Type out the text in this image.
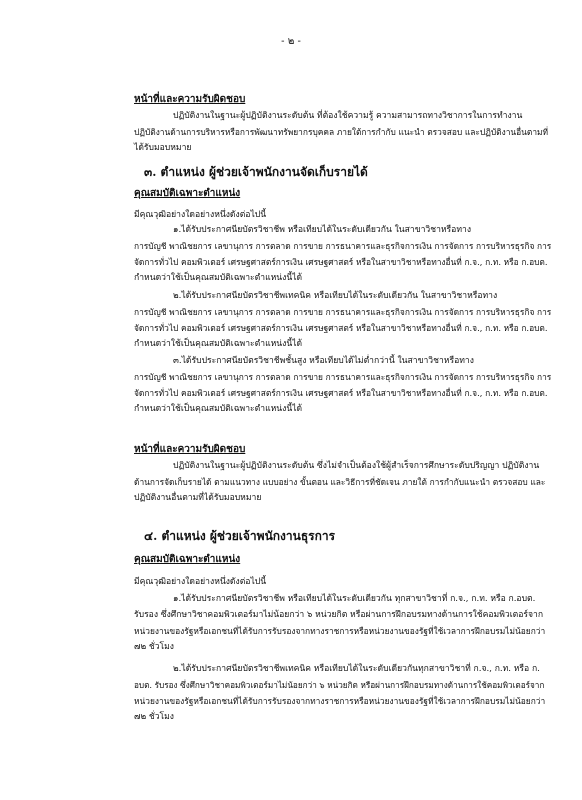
- ๒ -
หน้าที่และความรับผิดชอบ
ปฏิบัติงานในฐานะผู้ปฏิบัติงานระดับต้น ที่ต้องใช้ความรู้ ความสามารถทางวิชาการในการทำงาน
ปฏิบัติงานด้านการบริหารหรือการพัฒนาทรัพยากรบุคคล ภายใต้การกำกับ แนะนำ ตรวจสอบ และปฏิบัติงานอื่นตามที่
ได้รับมอบหมาย
๓. ตำแหน่ง ผู้ช่วยเจ้าพนักงานจัดเก็บรายได้
คุณสมบัติเฉพาะตำแหน่ง
มีคุณวุฒิอย่างใดอย่างหนึ่งดังต่อไปนี้
๑.ได้รับประกาศนียบัตรวิชาชีพ หรือเทียบได้ในระดับเดียวกัน ในสาขาวิชาหรือทาง
การบัญชี พาณิชยการ เลขานุการ การตลาด การขาย การธนาคารและธุรกิจการเงิน การจัดการ การบริหารธุรกิจ การ
จัดการทั่วไป คอมพิวเตอร์ เศรษฐศาสตร์การเงิน เศรษฐศาสตร์ หรือในสาขาวิชาหรือทางอื่นที่ ก.จ., ก.ท. หรือ ก.อบต.
กำหนดว่าใช้เป็นคุณสมบัติเฉพาะตำแหน่งนี้ได้
๒.ได้รับประกาศนียบัตรวิชาชีพเทคนิค หรือเทียบได้ในระดับเดียวกัน ในสาขาวิชาหรือทาง
การบัญชี พาณิชยการ เลขานุการ การตลาด การขาย การธนาคารและธุรกิจการเงิน การจัดการ การบริหารธุรกิจ การ
จัดการทั่วไป คอมพิวเตอร์ เศรษฐศาสตร์การเงิน เศรษฐศาสตร์ หรือในสาขาวิชาหรือทางอื่นที่ ก.จ., ก.ท. หรือ ก.อบต.
กำหนดว่าใช้เป็นคุณสมบัติเฉพาะตำแหน่งนี้ได้
๓.ได้รับประกาศนียบัตรวิชาชีพชั้นสูง หรือเทียบได้ไม่ต่ำกว่านี้ ในสาขาวิชาหรือทาง
การบัญชี พาณิชยการ เลขานุการ การตลาด การขาย การธนาคารและธุรกิจการเงิน การจัดการ การบริหารธุรกิจ การ
จัดการทั่วไป คอมพิวเตอร์ เศรษฐศาสตร์การเงิน เศรษฐศาสตร์ หรือในสาขาวิชาหรือทางอื่นที่ ก.จ., ก.ท. หรือ ก.อบต.
กำหนดว่าใช้เป็นคุณสมบัติเฉพาะตำแหน่งนี้ได้
หน้าที่และความรับผิดชอบ
ปฏิบัติงานในฐานะผู้ปฏิบัติงานระดับต้น ซึ่งไม่จำเป็นต้องใช้ผู้สำเร็จการศึกษาระดับปริญญา ปฏิบัติงาน
ด้านการจัดเก็บรายได้ ตามแนวทาง แบบอย่าง ขั้นตอน และวิธีการที่ชัดเจน ภายใต้ การกำกับแนะนำ ตรวจสอบ และ
ปฏิบัติงานอื่นตามที่ได้รับมอบหมาย
๔. ตำแหน่ง ผู้ช่วยเจ้าพนักงานธุรการ
คุณสมบัติเฉพาะตำแหน่ง
มีคุณวุฒิอย่างใดอย่างหนึ่งดังต่อไปนี้
๑.ได้รับประกาศนียบัตรวิชาชีพ หรือเทียบได้ในระดับเดียวกัน ทุกสาขาวิชาที่ ก.จ., ก.ท. หรือ ก.อบต.
รับรอง ซึ่งศึกษาวิชาคอมพิวเตอร์มาไม่น้อยกว่า ๖ หน่วยกิต หรือผ่านการฝึกอบรมทางด้านการใช้คอมพิวเตอร์จาก
หน่วยงานของรัฐหรือเอกชนที่ได้รับการรับรองจากทางราชการหรือหน่วยงานของรัฐที่ใช้เวลาการฝึกอบรมไม่น้อยกว่า
๗๒ ชั่วโมง
๒.ได้รับประกาศนียบัตรวิชาชีพเทคนิค หรือเทียบได้ในระดับเดียวกันทุกสาขาวิชาที่ ก.จ., ก.ท. หรือ ก.
อบต. รับรอง ซึ่งศึกษาวิชาคอมพิวเตอร์มาไม่น้อยกว่า ๖ หน่วยกิต หรือผ่านการฝึกอบรมทางด้านการใช้คอมพิวเตอร์จาก
หน่วยงานของรัฐหรือเอกชนที่ได้รับการรับรองจากทางราชการหรือหน่วยงานของรัฐที่ใช้เวลาการฝึกอบรมไม่น้อยกว่า
๗๒ ชั่วโมง
